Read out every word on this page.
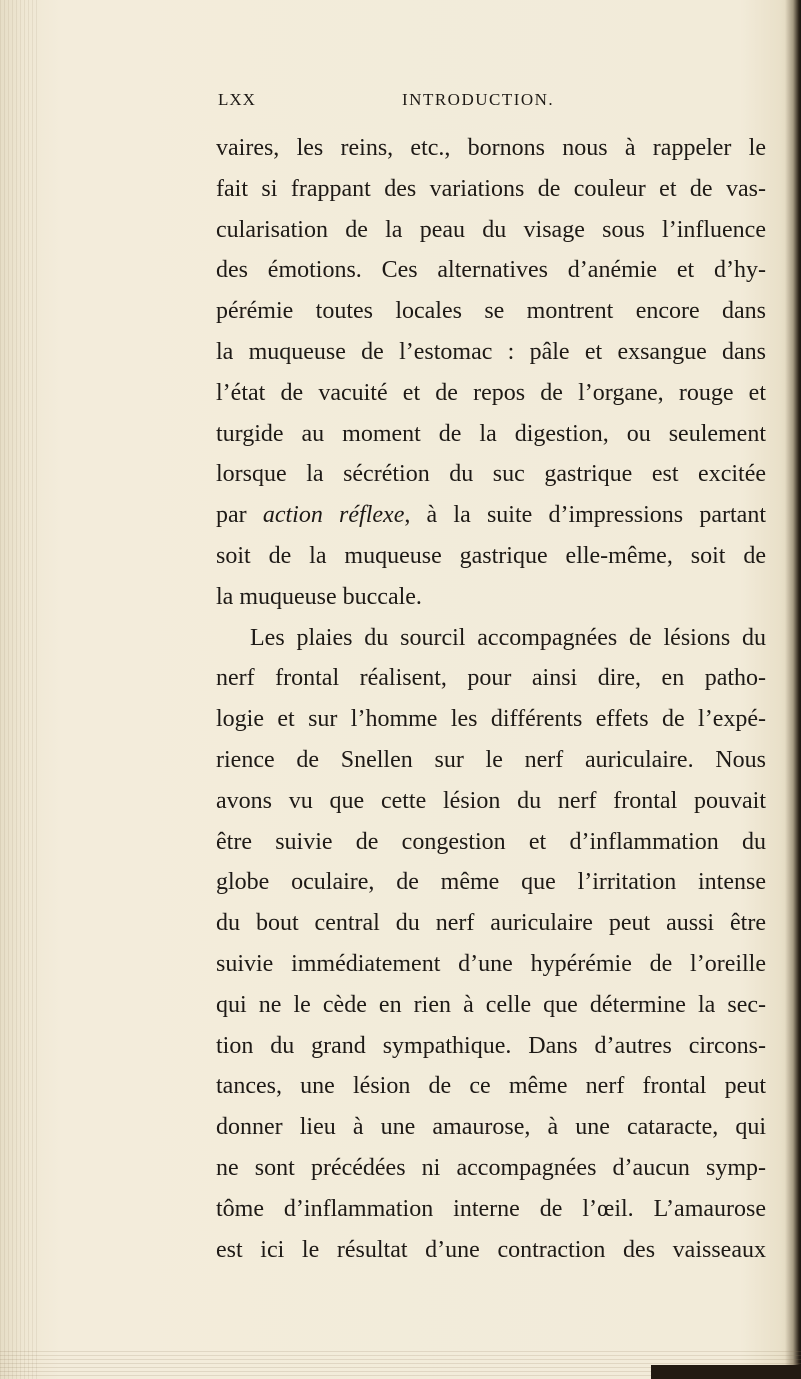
LXX	INTRODUCTION.
vaires, les reins, etc., bornons nous à rappeler le
fait si frappant des variations de couleur et de vas-
cularisation de la peau du visage sous l’influence
des émotions. Ces alternatives d’anémie et d’hy-
pérémie toutes locales se montrent encore dans
la muqueuse de l’estomac : pâle et exsangue dans
l’état de vacuité et de repos de l’organe, rouge et
turgide au moment de la digestion, ou seulement
lorsque la sécrétion du suc gastrique est excitée
par action réflexe, à la suite d’impressions partant
soit de la muqueuse gastrique elle-même, soit de
la muqueuse buccale.
Les plaies du sourcil accompagnées de lésions du
nerf frontal réalisent, pour ainsi dire, en patho-
logie et sur l’homme les différents effets de l’expé-
rience de Snellen sur le nerf auriculaire. Nous
avons vu que cette lésion du nerf frontal pouvait
être suivie de congestion et d’inflammation du
globe oculaire, de même que l’irritation intense
du bout central du nerf auriculaire peut aussi être
suivie immédiatement d’une hypérémie de l’oreille
qui ne le cède en rien à celle que détermine la sec-
tion du grand sympathique. Dans d’autres circons-
tances, une lésion de ce même nerf frontal peut
donner lieu à une amaurose, à une cataracte, qui
ne sont précédées ni accompagnées d’aucun symp-
tôme d’inflammation interne de l’œil. L’amaurose
est ici le résultat d’une contraction des vaisseaux
